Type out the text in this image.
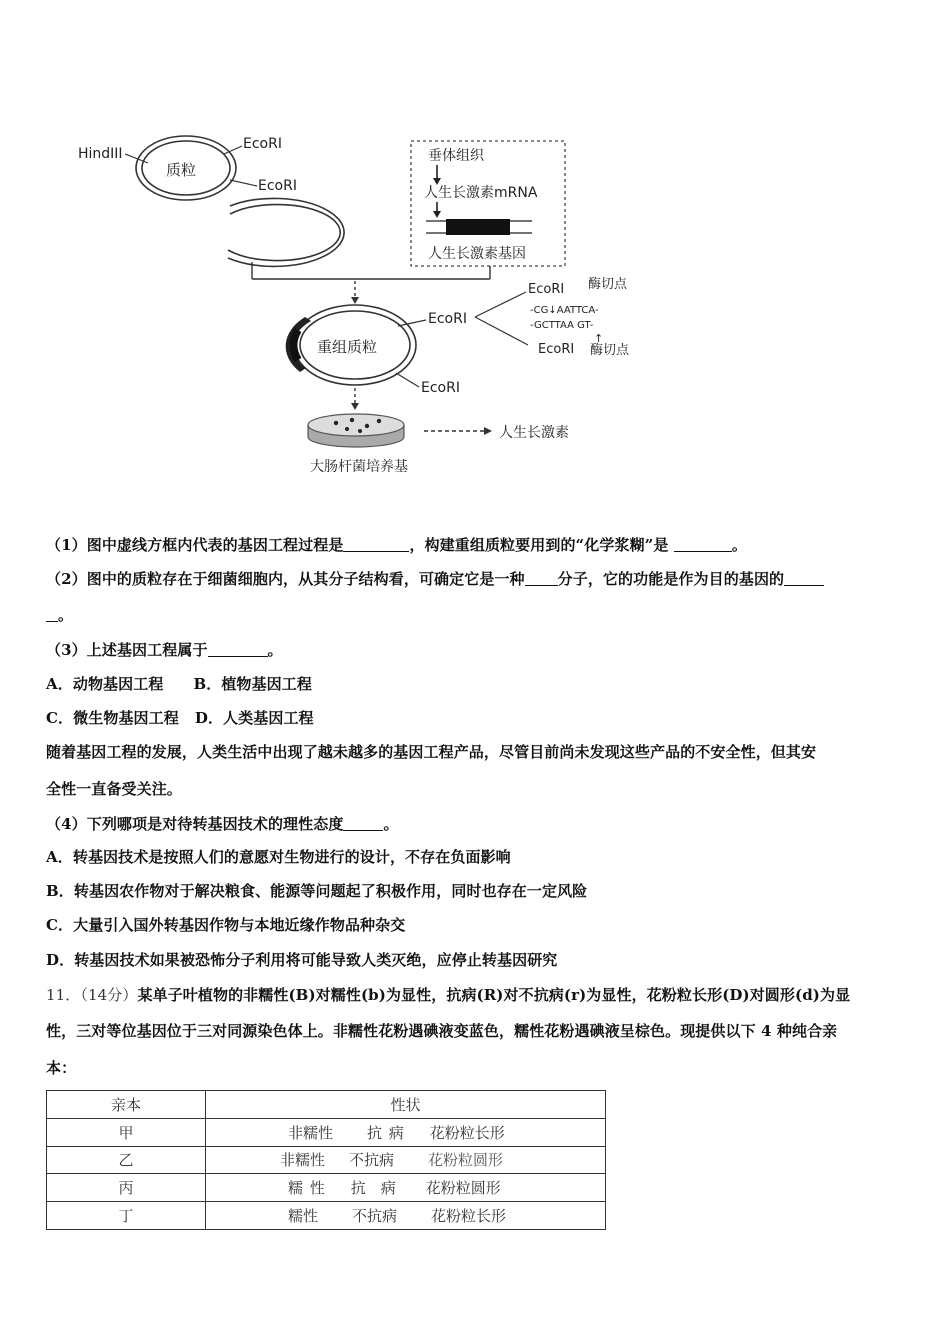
质粒
HindIII
EcoRI
EcoRI
垂体组织
人生长激素mRNA
人生长激素基因
重组质粒
EcoRI
EcoRI
EcoRI 酶切点
-CG↓AATTCA-
-GCTTAA GT-
↑
EcoRI 酶切点
大肠杆菌培养基
人生长激素
（1）图中虚线方框内代表的基因工程过程是	，构建重组质粒要用到的“化学浆糊”是	。
（2）图中的质粒存在于细菌细胞内，从其分子结构看，可确定它是一种 分子，它的功能是作为目的基因的
。
（3）上述基因工程属于	。
A．动物基因工程 B．植物基因工程
C．微生物基因工程 D．人类基因工程
随着基因工程的发展，人类生活中出现了越未越多的基因工程产品，尽管目前尚未发现这些产品的不安全性，但其安
全性一直备受关注。
（4）下列哪项是对待转基因技术的理性态度	。
A．转基因技术是按照人们的意愿对生物进行的设计，不存在负面影响
B．转基因农作物对于解决粮食、能源等问题起了积极作用，同时也存在一定风险
C．大量引入国外转基因作物与本地近缘作物品种杂交
D．转基因技术如果被恐怖分子利用将可能导致人类灭绝，应停止转基因研究
11．（14分）某单子叶植物的非糯性(B)对糯性(b)为显性，抗病(R)对不抗病(r)为显性，花粉粒长形(D)对圆形(d)为显
性，三对等位基因位于三对同源染色体上。非糯性花粉遇碘液变蓝色，糯性花粉遇碘液呈棕色。现提供以下 4 种纯合亲
本：
亲本	性状
甲	非糯性 抗 病 花粉粒长形
乙	非糯性 不抗病 花粉粒圆形
丙	糯 性 抗　病 花粉粒圆形
丁	糯性 不抗病 花粉粒长形
